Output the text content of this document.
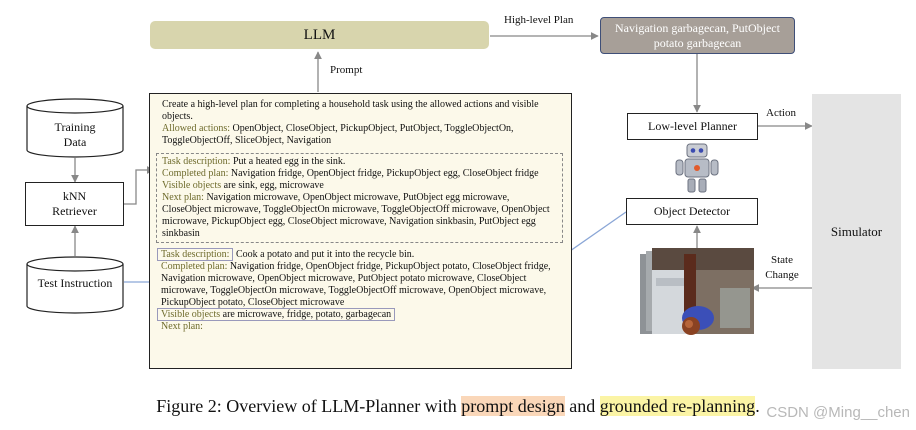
LLM	Navigation garbagecan, PutObject potato garbagecan
High-level Plan
Prompt
Action
State Change
Training Data
kNN Retriever
Test Instruction

Create a high-level plan for completing a household task using the allowed actions and visible objects.

Allowed actions: OpenObject, CloseObject, PickupObject, PutObject, ToggleObjectOn, ToggleObjectOff, SliceObject, Navigation

Task description: Put a heated egg in the sink.

Completed plan: Navigation fridge, OpenObject fridge, PickupObject egg, CloseObject fridge

Visible objects are sink, egg, microwave

Next plan: Navigation microwave, OpenObject microwave, PutObject egg microwave, CloseObject microwave, ToggleObjectOn microwave, ToggleObjectOff microwave, OpenObject microwave, PickupObject egg, CloseObject microwave, Navigation sinkbasin, PutObject egg sinkbasin

Task description: Cook a potato and put it into the recycle bin.

Completed plan: Navigation fridge, OpenObject fridge, PickupObject potato, CloseObject fridge, Navigation microwave, OpenObject microwave, PutObject potato microwave, CloseObject microwave, ToggleObjectOn microwave, ToggleObjectOff microwave, OpenObject microwave, PickupObject potato, CloseObject microwave

Visible objects are microwave, fridge, potato, garbagecan

Next plan:

Low-level Planner
Object Detector
Simulator
Figure 2: Overview of LLM-Planner with prompt design and grounded re-planning. CSDN @Ming__chen
